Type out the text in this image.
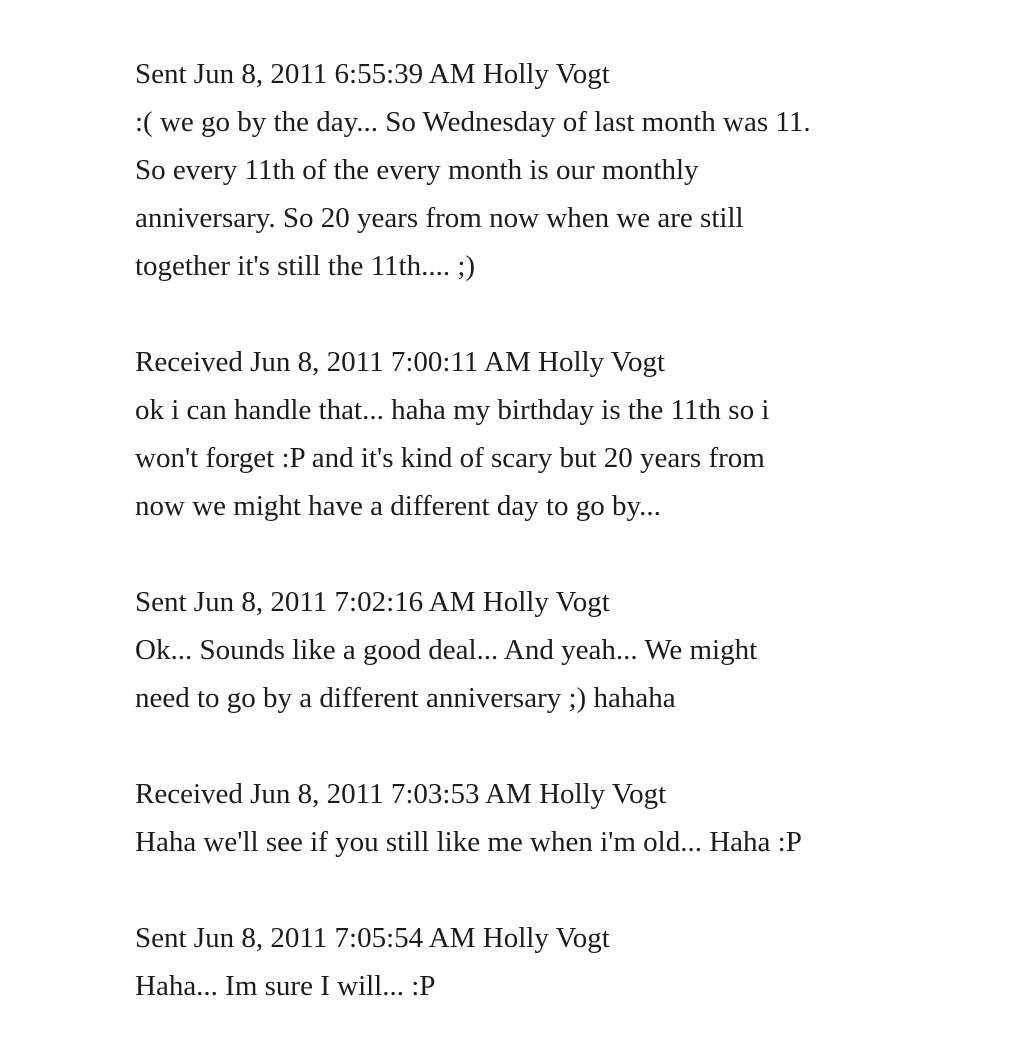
Sent Jun 8, 2011 6:55:39 AM Holly Vogt
:( we go by the day... So Wednesday of last month was 11.
So every 11th of the every month is our monthly
anniversary. So 20 years from now when we are still
together it's still the 11th.... ;)
Received Jun 8, 2011 7:00:11 AM Holly Vogt
ok i can handle that... haha my birthday is the 11th so i
won't forget :P and it's kind of scary but 20 years from
now we might have a different day to go by...
Sent Jun 8, 2011 7:02:16 AM Holly Vogt
Ok... Sounds like a good deal... And yeah... We might
need to go by a different anniversary ;) hahaha
Received Jun 8, 2011 7:03:53 AM Holly Vogt
Haha we'll see if you still like me when i'm old... Haha :P
Sent Jun 8, 2011 7:05:54 AM Holly Vogt
Haha... Im sure I will... :P
